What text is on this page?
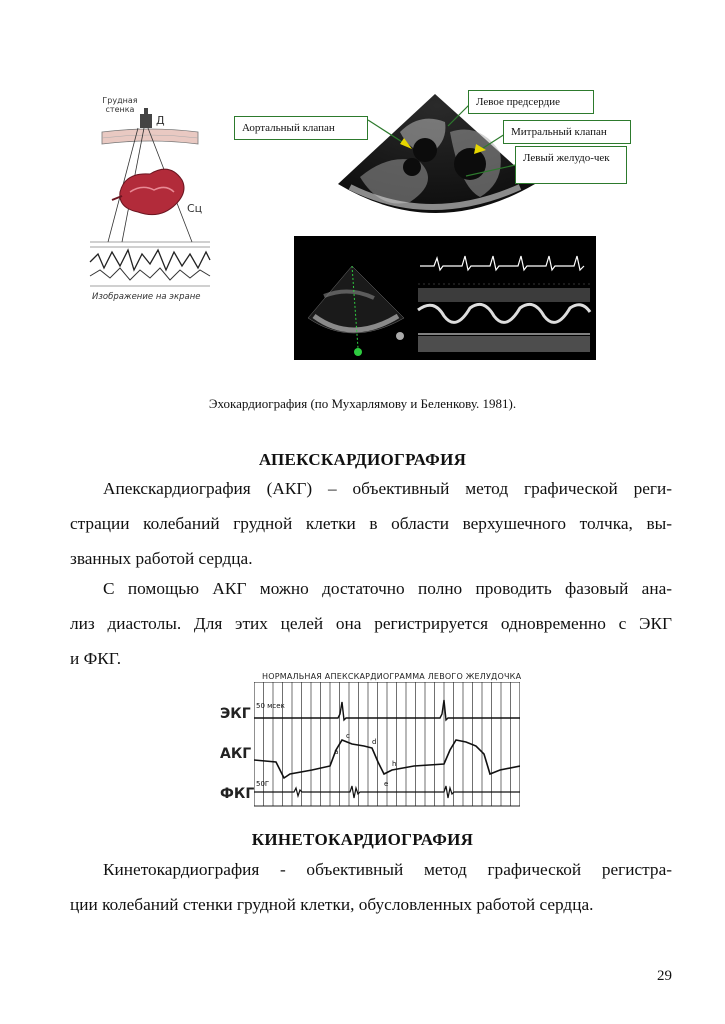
Грудная стенка
Д
Сц
Изображение на экране
Аортальный клапан
Левое предсердие
Митральный клапан
Левый желудо-чек
Эхокардиография (по Мухарлямову и Беленкову. 1981).
АПЕКСКАРДИОГРАФИЯ
Апекскардиография (АКГ) – объективный метод графической реги-
страции колебаний грудной клетки в области верхушечного толчка, вы-
званных работой сердца.
С помощью АКГ можно достаточно полно проводить фазовый ана-
лиз диастолы. Для этих целей она регистрируется одновременно с ЭКГ
и ФКГ.
НОРМАЛЬНАЯ АПЕКСКАРДИОГРАММА ЛЕВОГО ЖЕЛУДОЧКА
ЭКГ
АКГ
ФКГ
50 мсек
50Г
a
c
d
h
e
КИНЕТОКАРДИОГРАФИЯ
Кинетокардиография - объективный метод графической регистра-
ции колебаний стенки грудной клетки, обусловленных работой сердца.
29
